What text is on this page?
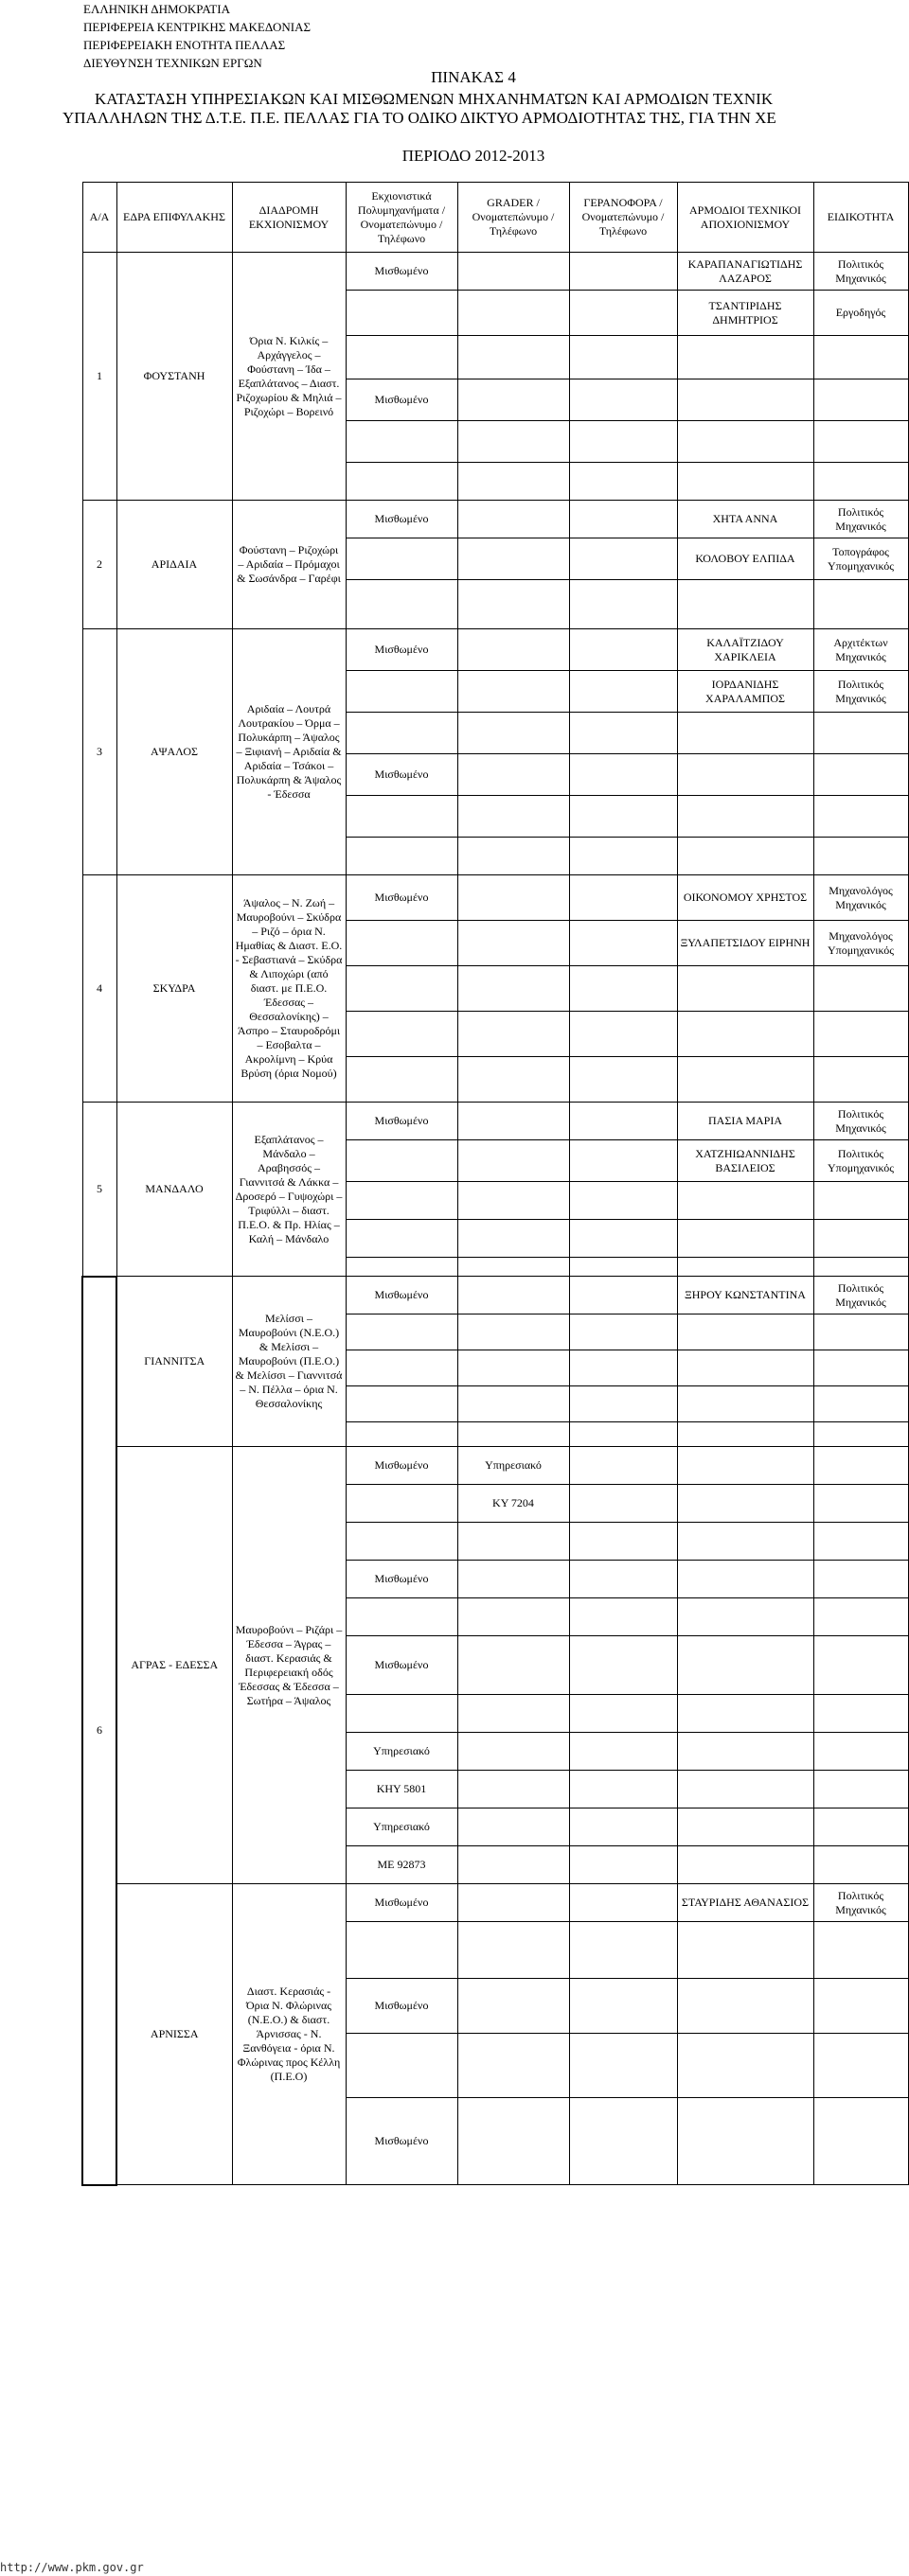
ΕΛΛΗΝΙΚΗ ΔΗΜΟΚΡΑΤΙΑ
ΠΕΡΙΦΕΡΕΙΑ ΚΕΝΤΡΙΚΗΣ ΜΑΚΕΔΟΝΙΑΣ
ΠΕΡΙΦΕΡΕΙΑΚΗ ΕΝΟΤΗΤΑ ΠΕΛΛΑΣ
ΔΙΕΥΘΥΝΣΗ ΤΕΧΝΙΚΩΝ ΕΡΓΩΝ
ΠΙΝΑΚΑΣ 4
ΚΑΤΑΣΤΑΣΗ ΥΠΗΡΕΣΙΑΚΩΝ ΚΑΙ ΜΙΣΘΩΜΕΝΩΝ ΜΗΧΑΝΗΜΑΤΩΝ ΚΑΙ ΑΡΜΟΔΙΩΝ ΤΕΧΝΙΚ
ΥΠΑΛΛΗΛΩΝ ΤΗΣ Δ.Τ.Ε. Π.Ε. ΠΕΛΛΑΣ ΓΙΑ ΤΟ ΟΔΙΚΟ ΔΙΚΤΥΟ ΑΡΜΟΔΙΟΤΗΤΑΣ ΤΗΣ, ΓΙΑ ΤΗΝ ΧΕ
ΠΕΡΙΟΔΟ 2012-2013
Α/Α	ΕΔΡΑ ΕΠΙΦΥΛΑΚΗΣ	ΔΙΑΔΡΟΜΗ ΕΚΧΙΟΝΙΣΜΟΥ	Εκχιονιστικά Πολυμηχανήματα / Ονοματεπώνυμο / Τηλέφωνο	GRADER / Ονοματεπώνυμο / Τηλέφωνο	ΓΕΡΑΝΟΦΟΡΑ / Ονοματεπώνυμο / Τηλέφωνο	ΑΡΜΟΔΙΟΙ ΤΕΧΝΙΚΟΙ ΑΠΟΧΙΟΝΙΣΜΟΥ	ΕΙΔΙΚΟΤΗΤΑ
1	ΦΟΥΣΤΑΝΗ	Όρια Ν. Κιλκίς – Αρχάγγελος – Φούστανη – Ίδα – Εξαπλάτανος – Διαστ. Ριζοχωρίου & Μηλιά – Ριζοχώρι – Βορεινό	Μισθωμένο			ΚΑΡΑΠΑΝΑΓΙΩΤΙΔΗΣ ΛΑΖΑΡΟΣ	Πολιτικός Μηχανικός
						ΤΣΑΝΤΙΡΙΔΗΣ ΔΗΜΗΤΡΙΟΣ	Εργοδηγός

			Μισθωμένο				

2	ΑΡΙΔΑΙΑ	Φούστανη – Ριζοχώρι – Αριδαία – Πρόμαχοι & Σωσάνδρα – Γαρέφι	Μισθωμένο			ΧΗΤΑ ΑΝΝΑ	Πολιτικός Μηχανικός
						ΚΟΛΟΒΟΥ ΕΛΠΙΔΑ	Τοπογράφος Υπομηχανικός

3	ΑΨΑΛΟΣ	Αριδαία – Λουτρά Λουτρακίου – Όρμα – Πολυκάρπη – Άψαλος – Ξιφιανή – Αριδαία & Αριδαία – Τσάκοι – Πολυκάρπη & Άψαλος - Έδεσσα	Μισθωμένο			ΚΑΛΑΪΤΖΙΔΟΥ ΧΑΡΙΚΛΕΙΑ	Αρχιτέκτων Μηχανικός
						ΙΟΡΔΑΝΙΔΗΣ ΧΑΡΑΛΑΜΠΟΣ	Πολιτικός Μηχανικός

			Μισθωμένο				

4	ΣΚΥΔΡΑ	Άψαλος – Ν. Ζωή – Μαυροβούνι – Σκύδρα – Ριζό – όρια Ν. Ημαθίας & Διαστ. Ε.Ο. - Σεβαστιανά – Σκύδρα & Λιποχώρι (από διαστ. με Π.Ε.Ο. Έδεσσας – Θεσσαλονίκης) – Άσπρο – Σταυροδρόμι – Εσοβαλτα – Ακρολίμνη – Κρύα Βρύση (όρια Νομού)	Μισθωμένο			ΟΙΚΟΝΟΜΟΥ ΧΡΗΣΤΟΣ	Μηχανολόγος Μηχανικός
						ΞΥΛΑΠΕΤΣΙΔΟΥ ΕΙΡΗΝΗ	Μηχανολόγος Υπομηχανικός

5	ΜΑΝΔΑΛΟ	Εξαπλάτανος – Μάνδαλο – Αραβησσός – Γιαννιτσά & Λάκκα – Δροσερό – Γυψοχώρι – Τριφύλλι – διαστ. Π.Ε.Ο. & Πρ. Ηλίας – Καλή – Μάνδαλο	Μισθωμένο			ΠΑΣΙΑ ΜΑΡΙΑ	Πολιτικός Μηχανικός
						ΧΑΤΖΗΙΩΑΝΝΙΔΗΣ ΒΑΣΙΛΕΙΟΣ	Πολιτικός Υπομηχανικός

6	ΓΙΑΝΝΙΤΣΑ	Μελίσσι – Μαυροβούνι (Ν.Ε.Ο.) & Μελίσσι – Μαυροβούνι (Π.Ε.Ο.) & Μελίσσι – Γιαννιτσά – Ν. Πέλλα – όρια Ν. Θεσσαλονίκης	Μισθωμένο			ΞΗΡΟΥ ΚΩΝΣΤΑΝΤΙΝΑ	Πολιτικός Μηχανικός

	ΑΓΡΑΣ - ΕΔΕΣΣΑ	Μαυροβούνι – Ριζάρι – Έδεσσα – Άγρας – διαστ. Κερασιάς & Περιφερειακή οδός Έδεσσας & Έδεσσα – Σωτήρα – Άψαλος	Μισθωμένο	Υπηρεσιακό			
				ΚΥ 7204			

			Μισθωμένο				

			Μισθωμένο				

			Υπηρεσιακό				
			ΚΗΥ 5801				
			Υπηρεσιακό				
			ΜΕ 92873				
	ΑΡΝΙΣΣΑ	Διαστ. Κερασιάς - Όρια Ν. Φλώρινας (Ν.Ε.Ο.) & διαστ. Άρνισσας - Ν. Ξανθόγεια - όρια Ν. Φλώρινας προς Κέλλη (Π.Ε.Ο)	Μισθωμένο			ΣΤΑΥΡΙΔΗΣ ΑΘΑΝΑΣΙΟΣ	Πολιτικός Μηχανικός

			Μισθωμένο				

			Μισθωμένο				
http://www.pkm.gov.gr
